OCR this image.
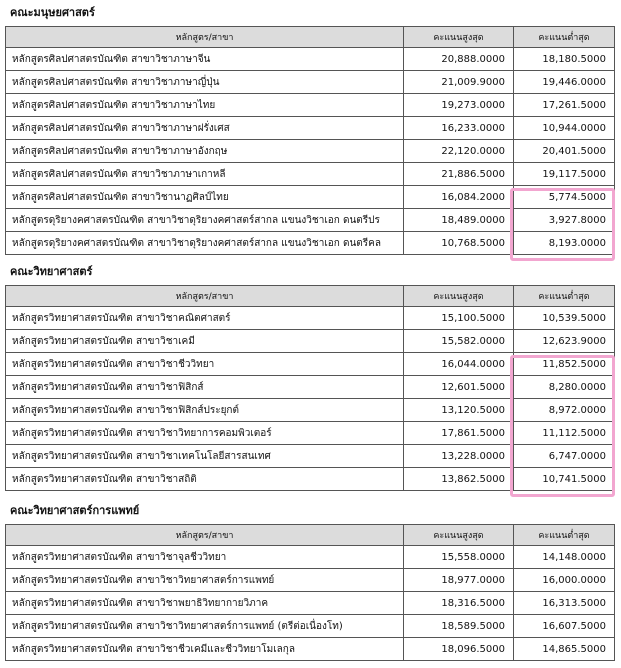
คณะมนุษยศาสตร์
หลักสูตร/สาขา	คะแนนสูงสุด	คะแนนต่ำสุด
หลักสูตรศิลปศาสตรบัณฑิต สาขาวิชาภาษาจีน	20,888.0000	18,180.5000
หลักสูตรศิลปศาสตรบัณฑิต สาขาวิชาภาษาญี่ปุ่น	21,009.9000	19,446.0000
หลักสูตรศิลปศาสตรบัณฑิต สาขาวิชาภาษาไทย	19,273.0000	17,261.5000
หลักสูตรศิลปศาสตรบัณฑิต สาขาวิชาภาษาฝรั่งเศส	16,233.0000	10,944.0000
หลักสูตรศิลปศาสตรบัณฑิต สาขาวิชาภาษาอังกฤษ	22,120.0000	20,401.5000
หลักสูตรศิลปศาสตรบัณฑิต สาขาวิชาภาษาเกาหลี	21,886.5000	19,117.5000
หลักสูตรศิลปศาสตรบัณฑิต สาขาวิชานาฏศิลป์ไทย	16,084.2000	5,774.5000
หลักสูตรดุริยางคศาสตรบัณฑิต สาขาวิชาดุริยางคศาสตร์สากล แขนงวิชาเอก ดนตรีปร	18,489.0000	3,927.8000
หลักสูตรดุริยางคศาสตรบัณฑิต สาขาวิชาดุริยางคศาสตร์สากล แขนงวิชาเอก ดนตรีคล	10,768.5000	8,193.0000
คณะวิทยาศาสตร์
หลักสูตร/สาขา	คะแนนสูงสุด	คะแนนต่ำสุด
หลักสูตรวิทยาศาสตรบัณฑิต สาขาวิชาคณิตศาสตร์	15,100.5000	10,539.5000
หลักสูตรวิทยาศาสตรบัณฑิต สาขาวิชาเคมี	15,582.0000	12,623.9000
หลักสูตรวิทยาศาสตรบัณฑิต สาขาวิชาชีววิทยา	16,044.0000	11,852.5000
หลักสูตรวิทยาศาสตรบัณฑิต สาขาวิชาฟิสิกส์	12,601.5000	8,280.0000
หลักสูตรวิทยาศาสตรบัณฑิต สาขาวิชาฟิสิกส์ประยุกต์	13,120.5000	8,972.0000
หลักสูตรวิทยาศาสตรบัณฑิต สาขาวิชาวิทยาการคอมพิวเตอร์	17,861.5000	11,112.5000
หลักสูตรวิทยาศาสตรบัณฑิต สาขาวิชาเทคโนโลยีสารสนเทศ	13,228.0000	6,747.0000
หลักสูตรวิทยาศาสตรบัณฑิต สาขาวิชาสถิติ	13,862.5000	10,741.5000
คณะวิทยาศาสตร์การแพทย์
หลักสูตร/สาขา	คะแนนสูงสุด	คะแนนต่ำสุด
หลักสูตรวิทยาศาสตรบัณฑิต สาขาวิชาจุลชีววิทยา	15,558.0000	14,148.0000
หลักสูตรวิทยาศาสตรบัณฑิต สาขาวิชาวิทยาศาสตร์การแพทย์	18,977.0000	16,000.0000
หลักสูตรวิทยาศาสตรบัณฑิต สาขาวิชาพยาธิวิทยากายวิภาค	18,316.5000	16,313.5000
หลักสูตรวิทยาศาสตรบัณฑิต สาขาวิชาวิทยาศาสตร์การแพทย์ (ตรีต่อเนื่องโท)	18,589.5000	16,607.5000
หลักสูตรวิทยาศาสตรบัณฑิต สาขาวิชาชีวเคมีและชีววิทยาโมเลกุล	18,096.5000	14,865.5000
